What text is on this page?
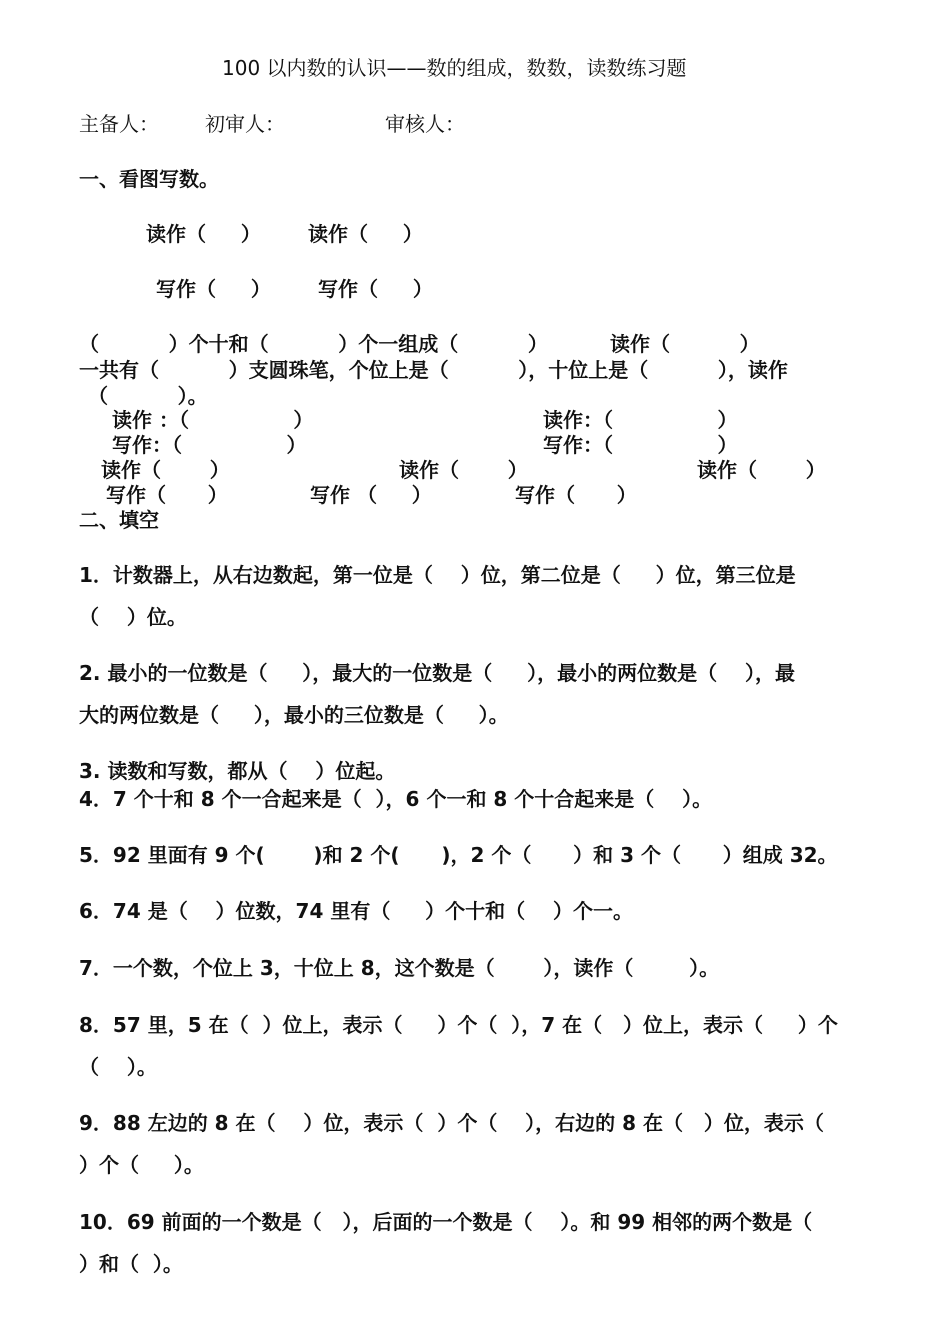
100 以内数的认识——数的组成，数数，读数练习题
主备人： 初审人：	审核人：
一、看图写数。
读作（     ） 读作（     ）
写作（     ） 写作（     ）
（          ）个十和（          ）个一组成（          ）	读作（          ）
一共有（          ）支圆珠笔，个位上是（          ），十位上是（          ），读作
（          ）。
读作 ：（               ）	读作：（               ）
写作：（               ）	写作：（               ）
读作（       ）	读作（       ）	读作（       ）
写作（      ）	写作 （     ）	写作（      ）
二、填空
1．计数器上，从右边数起，第一位是（    ）位，第二位是（     ）位，第三位是
（    ）位。
2. 最小的一位数是（     ），最大的一位数是（     ），最小的两位数是（    ），最
大的两位数是（     ），最小的三位数是（     ）。
3. 读数和写数，都从（    ）位起。
4．7 个十和 8 个一合起来是（  ），6 个一和 8 个十合起来是（    ）。
5．92 里面有 9 个(       )和 2 个(      )，2 个（      ）和 3 个（      ）组成 32。
6．74 是（    ）位数，74 里有（     ）个十和（    ）个一。
7．一个数，个位上 3，十位上 8，这个数是（       ），读作（        ）。
8．57 里，5 在（  ）位上，表示（     ）个（  ），7 在（   ）位上，表示（     ）个
（    ）。
9．88 左边的 8 在（    ）位，表示（  ）个（    ），右边的 8 在（   ）位，表示（
）个（     ）。
10．69 前面的一个数是（   ），后面的一个数是（    ）。和 99 相邻的两个数是（
）和（  ）。
